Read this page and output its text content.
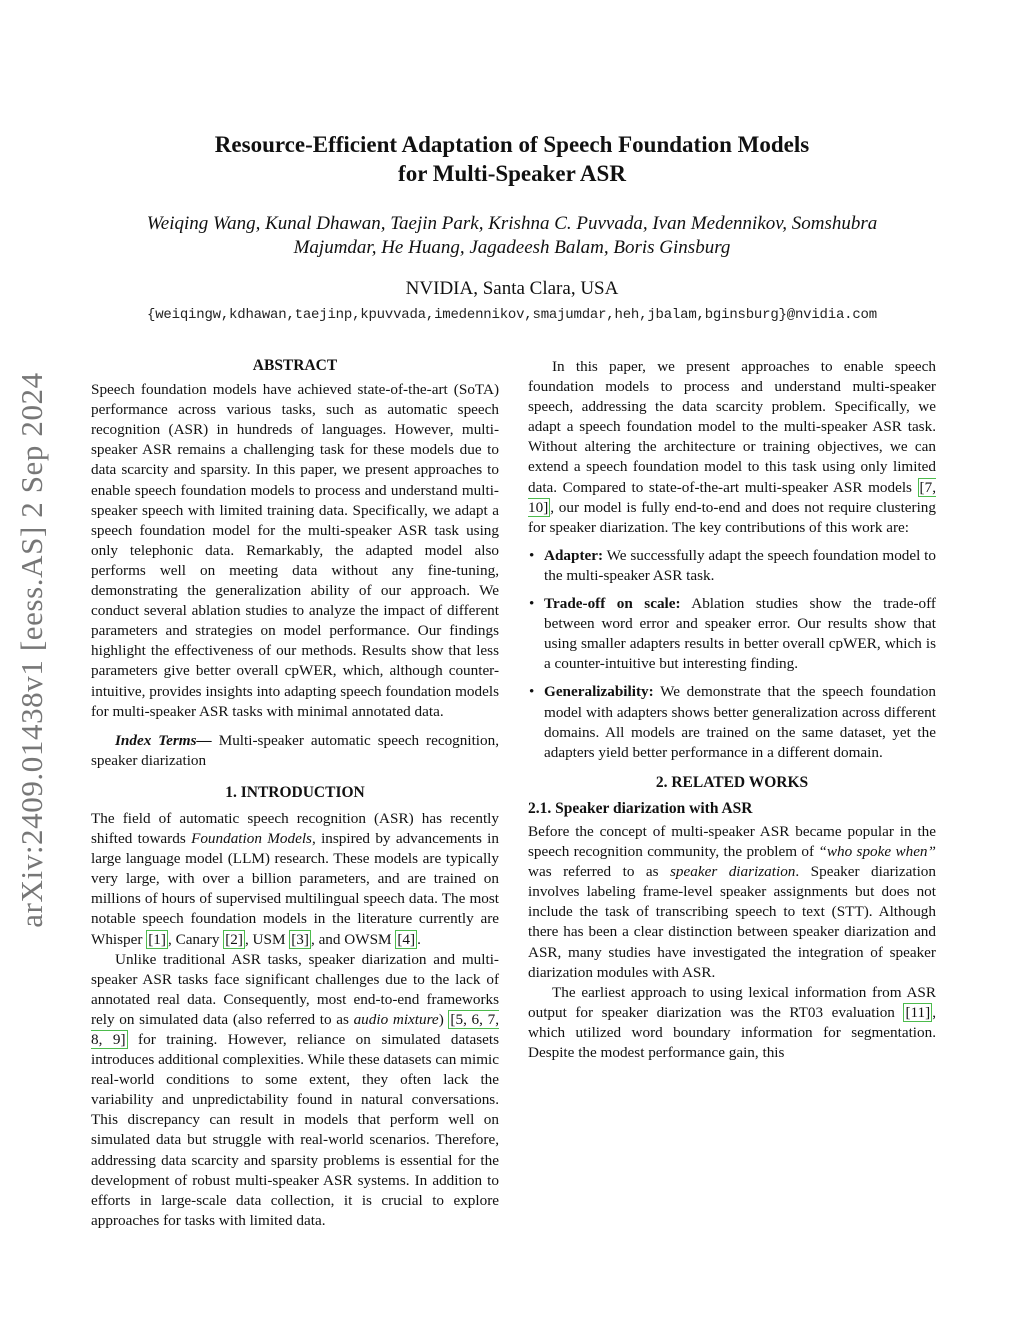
arXiv:2409.01438v1 [eess.AS] 2 Sep 2024
Resource-Efficient Adaptation of Speech Foundation Models
for Multi-Speaker ASR
Weiqing Wang, Kunal Dhawan, Taejin Park, Krishna C. Puvvada, Ivan Medennikov, Somshubra
Majumdar, He Huang, Jagadeesh Balam, Boris Ginsburg
NVIDIA, Santa Clara, USA
{weiqingw,kdhawan,taejinp,kpuvvada,imedennikov,smajumdar,heh,jbalam,bginsburg}@nvidia.com
ABSTRACT

Speech foundation models have achieved state-of-the-art (SoTA) performance across various tasks, such as automatic speech recognition (ASR) in hundreds of languages. However, multi-speaker ASR remains a challenging task for these models due to data scarcity and sparsity. In this paper, we present approaches to enable speech foundation models to process and understand multi-speaker speech with limited training data. Specifically, we adapt a speech foundation model for the multi-speaker ASR task using only telephonic data. Remarkably, the adapted model also performs well on meeting data without any fine-tuning, demonstrating the generalization ability of our approach. We conduct several ablation studies to analyze the impact of different parameters and strategies on model performance. Our findings highlight the effectiveness of our methods. Results show that less parameters give better overall cpWER, which, although counter-intuitive, provides insights into adapting speech foundation models for multi-speaker ASR tasks with minimal annotated data.

Index Terms— Multi-speaker automatic speech recognition, speaker diarization

1. INTRODUCTION

The field of automatic speech recognition (ASR) has recently shifted towards Foundation Models, inspired by advancements in large language model (LLM) research. These models are typically very large, with over a billion parameters, and are trained on millions of hours of supervised multilingual speech data. The most notable speech foundation models in the literature currently are Whisper [1] , Canary [2] , USM [3] , and OWSM [4] .

Unlike traditional ASR tasks, speaker diarization and multi-speaker ASR tasks face significant challenges due to the lack of annotated real data. Consequently, most end-to-end frameworks rely on simulated data (also referred to as audio mixture) [5, 6, 7, 8, 9] for training. However, reliance on simulated datasets introduces additional complexities. While these datasets can mimic real-world conditions to some extent, they often lack the variability and unpredictability found in natural conversations. This discrepancy can result in models that perform well on simulated data but struggle with real-world scenarios. Therefore, addressing data scarcity and sparsity problems is essential for the development of robust multi-speaker ASR systems. In addition to efforts in large-scale data collection, it is crucial to explore approaches for tasks with limited data.

In this paper, we present approaches to enable speech foundation models to process and understand multi-speaker speech, addressing the data scarcity problem. Specifically, we adapt a speech foundation model to the multi-speaker ASR task. Without altering the architecture or training objectives, we can extend a speech foundation model to this task using only limited data. Compared to state-of-the-art multi-speaker ASR models [7, 10] , our model is fully end-to-end and does not require clustering for speaker diarization. The key contributions of this work are:

• Adapter: We successfully adapt the speech foundation model to the multi-speaker ASR task.
• Trade-off on scale: Ablation studies show the trade-off between word error and speaker error. Our results show that using smaller adapters results in better overall cpWER, which is a counter-intuitive but interesting finding.
• Generalizability: We demonstrate that the speech foundation model with adapters shows better generalization across different domains. All models are trained on the same dataset, yet the adapters yield better performance in a different domain.
2. RELATED WORKS
2.1. Speaker diarization with ASR

Before the concept of multi-speaker ASR became popular in the speech recognition community, the problem of “who spoke when” was referred to as speaker diarization. Speaker diarization involves labeling frame-level speaker assignments but does not include the task of transcribing speech to text (STT). Although there has been a clear distinction between speaker diarization and ASR, many studies have investigated the integration of speaker diarization modules with ASR.

The earliest approach to using lexical information from ASR output for speaker diarization was the RT03 evaluation [11] , which utilized word boundary information for segmentation. Despite the modest performance gain, this
